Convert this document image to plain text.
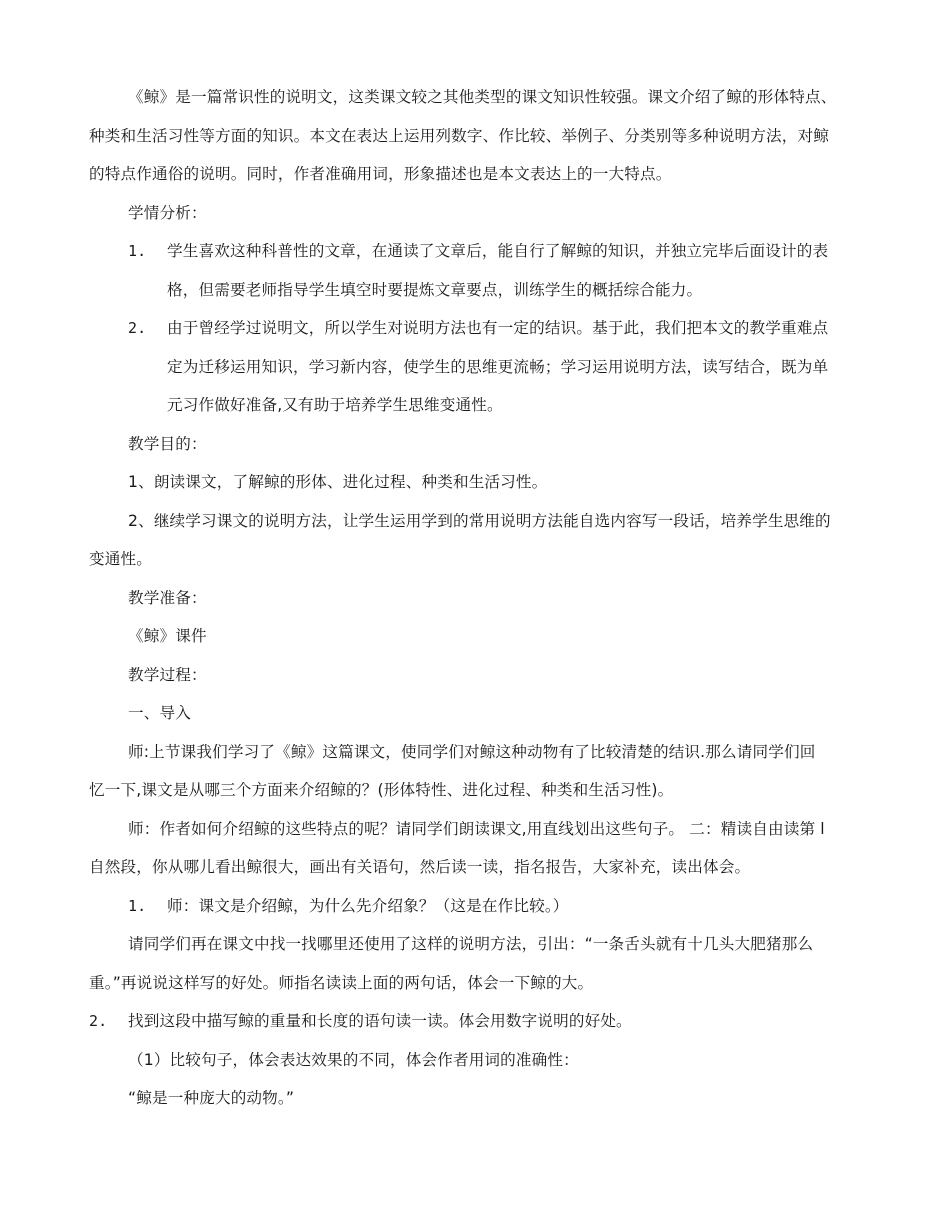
《鲸》是一篇常识性的说明文，这类课文较之其他类型的课文知识性较强。课文介绍了鲸的形体特点、
种类和生活习性等方面的知识。本文在表达上运用列数字、作比较、举例子、分类别等多种说明方法，对鲸
的特点作通俗的说明。同时，作者准确用词，形象描述也是本文表达上的一大特点。
学情分析：
1. 学生喜欢这种科普性的文章，在通读了文章后，能自行了解鲸的知识，并独立完毕后面设计的表
格，但需要老师指导学生填空时要提炼文章要点，训练学生的概括综合能力。
2. 由于曾经学过说明文，所以学生对说明方法也有一定的结识。基于此，我们把本文的教学重难点
定为迁移运用知识，学习新内容，使学生的思维更流畅；学习运用说明方法，读写结合，既为单
元习作做好准备,又有助于培养学生思维变通性。
教学目的：
1、朗读课文，了解鲸的形体、进化过程、种类和生活习性。
2、继续学习课文的说明方法，让学生运用学到的常用说明方法能自选内容写一段话，培养学生思维的
变通性。
教学准备：
《鲸》课件
教学过程：
一、导入
师:上节课我们学习了《鲸》这篇课文，使同学们对鲸这种动物有了比较清楚的结识.那么请同学们回
忆一下,课文是从哪三个方面来介绍鲸的？(形体特性、进化过程、种类和生活习性)。
师：作者如何介绍鲸的这些特点的呢？请同学们朗读课文,用直线划出这些句子。 二：精读自由读第 l
自然段，你从哪儿看出鲸很大，画出有关语句，然后读一读，指名报告，大家补充，读出体会。
1. 师：课文是介绍鲸，为什么先介绍象？（这是在作比较。）
请同学们再在课文中找一找哪里还使用了这样的说明方法，引出：“一条舌头就有十几头大肥猪那么
重。”再说说这样写的好处。师指名读读上面的两句话，体会一下鲸的大。
2. 找到这段中描写鲸的重量和长度的语句读一读。体会用数字说明的好处。
（1）比较句子，体会表达效果的不同，体会作者用词的准确性：
“鲸是一种庞大的动物。”
